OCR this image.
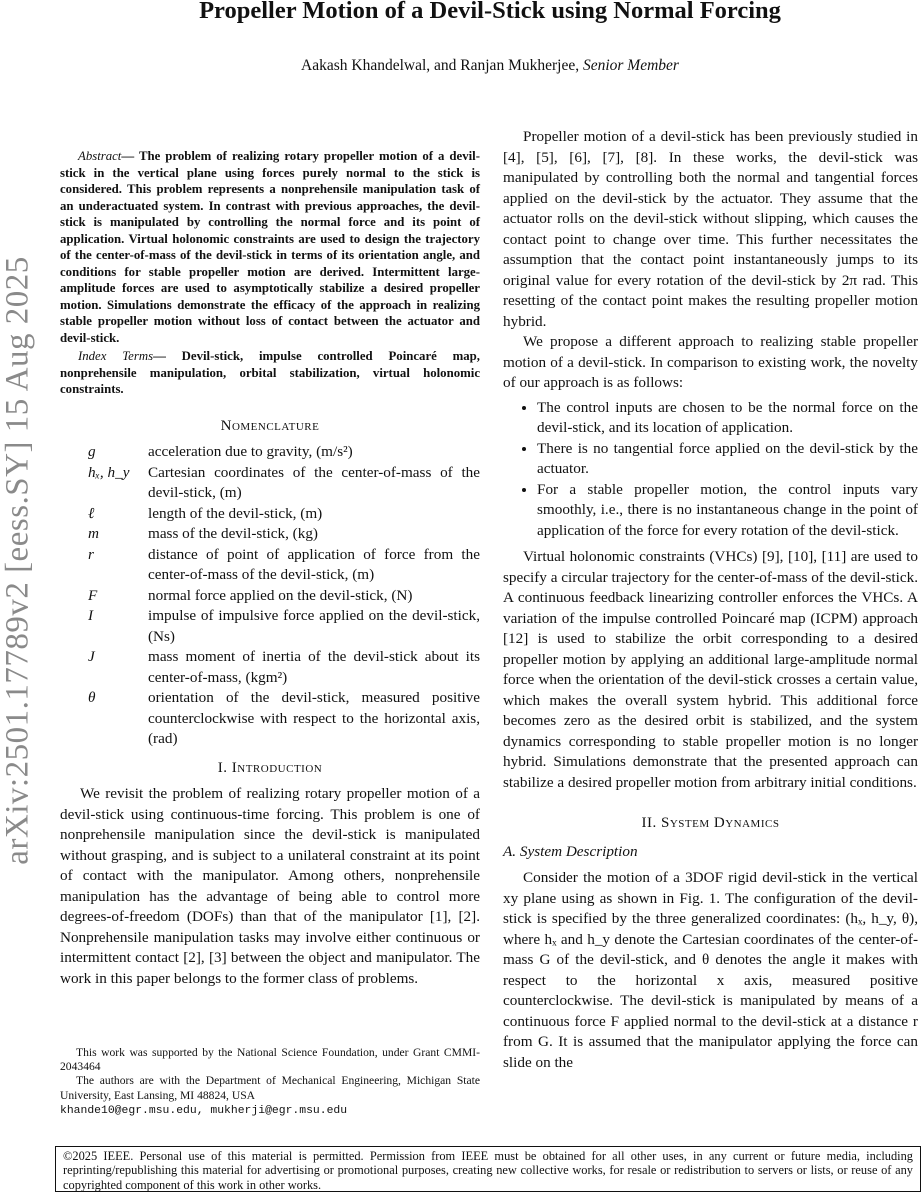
arXiv:2501.17789v2 [eess.SY] 15 Aug 2025
Propeller Motion of a Devil-Stick using Normal Forcing
Aakash Khandelwal, and Ranjan Mukherjee, Senior Member

Abstract— The problem of realizing rotary propeller motion of a devil-stick in the vertical plane using forces purely normal to the stick is considered. This problem represents a nonprehensile manipulation task of an underactuated system. In contrast with previous approaches, the devil-stick is manipulated by controlling the normal force and its point of application. Virtual holonomic constraints are used to design the trajectory of the center-of-mass of the devil-stick in terms of its orientation angle, and conditions for stable propeller motion are derived. Intermittent large-amplitude forces are used to asymptotically stabilize a desired propeller motion. Simulations demonstrate the efficacy of the approach in realizing stable propeller motion without loss of contact between the actuator and devil-stick.

Index Terms— Devil-stick, impulse controlled Poincaré map, nonprehensile manipulation, orbital stabilization, virtual holonomic constraints.

Nomenclature

g	acceleration due to gravity, (m/s²)
hₓ, h_y	Cartesian coordinates of the center-of-mass of the devil-stick, (m)
ℓ	length of the devil-stick, (m)
m	mass of the devil-stick, (kg)
r	distance of point of application of force from the center-of-mass of the devil-stick, (m)
F	normal force applied on the devil-stick, (N)
I	impulse of impulsive force applied on the devil-stick, (Ns)
J	mass moment of inertia of the devil-stick about its center-of-mass, (kgm²)
θ	orientation of the devil-stick, measured positive counterclockwise with respect to the horizontal axis, (rad)

I. Introduction

We revisit the problem of realizing rotary propeller motion of a devil-stick using continuous-time forcing. This problem is one of nonprehensile manipulation since the devil-stick is manipulated without grasping, and is subject to a unilateral constraint at its point of contact with the manipulator. Among others, nonprehensile manipulation has the advantage of being able to control more degrees-of-freedom (DOFs) than that of the manipulator [1], [2]. Nonprehensile manipulation tasks may involve either continuous or intermittent contact [2], [3] between the object and manipulator. The work in this paper belongs to the former class of problems.

This work was supported by the National Science Foundation, under Grant CMMI-2043464

The authors are with the Department of Mechanical Engineering, Michigan State University, East Lansing, MI 48824, USA
khande10@egr.msu.edu, mukherji@egr.msu.edu

Propeller motion of a devil-stick has been previously studied in [4], [5], [6], [7], [8]. In these works, the devil-stick was manipulated by controlling both the normal and tangential forces applied on the devil-stick by the actuator. They assume that the actuator rolls on the devil-stick without slipping, which causes the contact point to change over time. This further necessitates the assumption that the contact point instantaneously jumps to its original value for every rotation of the devil-stick by 2π rad. This resetting of the contact point makes the resulting propeller motion hybrid.

We propose a different approach to realizing stable propeller motion of a devil-stick. In comparison to existing work, the novelty of our approach is as follows:

• The control inputs are chosen to be the normal force on the devil-stick, and its location of application.
• There is no tangential force applied on the devil-stick by the actuator.
• For a stable propeller motion, the control inputs vary smoothly, i.e., there is no instantaneous change in the point of application of the force for every rotation of the devil-stick.

Virtual holonomic constraints (VHCs) [9], [10], [11] are used to specify a circular trajectory for the center-of-mass of the devil-stick. A continuous feedback linearizing controller enforces the VHCs. A variation of the impulse controlled Poincaré map (ICPM) approach [12] is used to stabilize the orbit corresponding to a desired propeller motion by applying an additional large-amplitude normal force when the orientation of the devil-stick crosses a certain value, which makes the overall system hybrid. This additional force becomes zero as the desired orbit is stabilized, and the system dynamics corresponding to stable propeller motion is no longer hybrid. Simulations demonstrate that the presented approach can stabilize a desired propeller motion from arbitrary initial conditions.

II. System Dynamics

A. System Description

Consider the motion of a 3DOF rigid devil-stick in the vertical xy plane using as shown in Fig. 1. The configuration of the devil-stick is specified by the three generalized coordinates: (hₓ, h_y, θ), where hₓ and h_y denote the Cartesian coordinates of the center-of-mass G of the devil-stick, and θ denotes the angle it makes with respect to the horizontal x axis, measured positive counterclockwise. The devil-stick is manipulated by means of a continuous force F applied normal to the devil-stick at a distance r from G. It is assumed that the manipulator applying the force can slide on the

©2025 IEEE. Personal use of this material is permitted. Permission from IEEE must be obtained for all other uses, in any current or future media, including reprinting/republishing this material for advertising or promotional purposes, creating new collective works, for resale or redistribution to servers or lists, or reuse of any copyrighted component of this work in other works.
